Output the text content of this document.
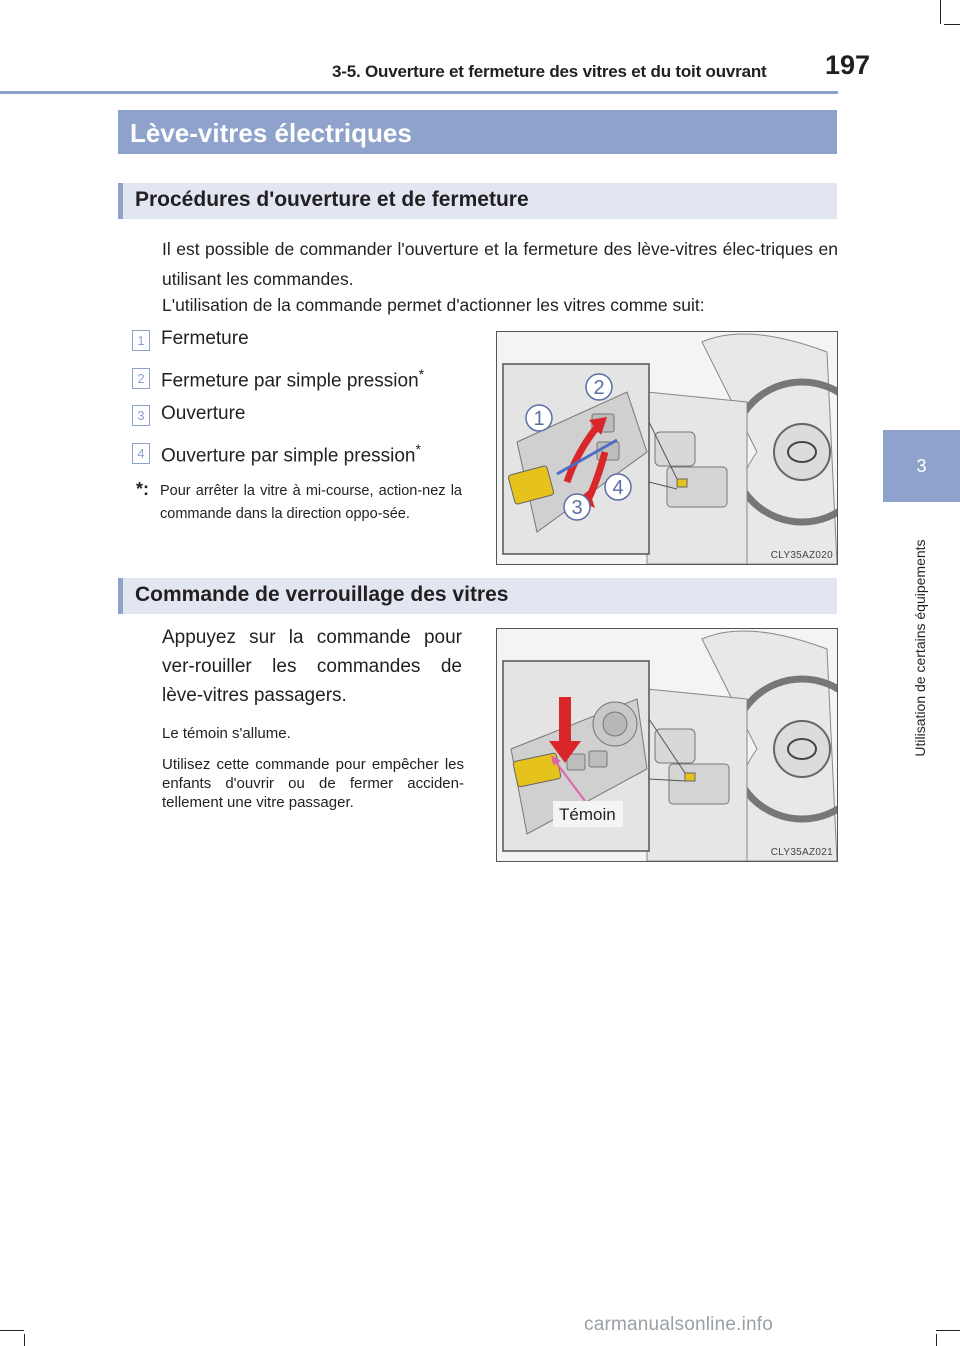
3-5. Ouverture et fermeture des vitres et du toit ouvrant	197
3
Utilisation de certains équipements
Lève-vitres électriques
Procédures d'ouverture et de fermeture
Il est possible de commander l'ouverture et la fermeture des lève-vitres élec-triques en utilisant les commandes.
L'utilisation de la commande permet d'actionner les vitres comme suit:
1 Fermeture
2 Fermeture par simple pression*
3 Ouverture
4 Ouverture par simple pression*
*: Pour arrêter la vitre à mi-course, action-nez la commande dans la direction oppo-sée.
2
1
3
4
CLY35AZ020
Commande de verrouillage des vitres
Appuyez sur la commande pour ver-rouiller les commandes de lève-vitres passagers.
Le témoin s'allume.
Utilisez cette commande pour empêcher les enfants d'ouvrir ou de fermer acciden-tellement une vitre passager.
Témoin
CLY35AZ021
carmanualsonline.info
